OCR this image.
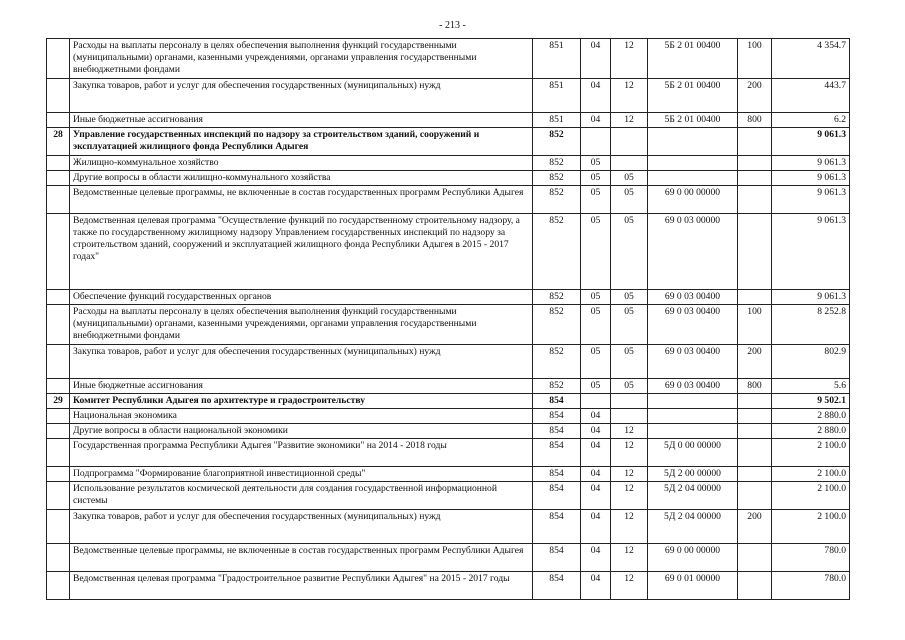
- 213 -
	Расходы на выплаты персоналу в целях обеспечения выполнения функций государственными (муниципальными) органами, казенными учреждениями, органами управления государственными внебюджетными фондами	851	04	12	5Б 2 01 00400	100	4 354.7
	Закупка товаров, работ и услуг для обеспечения государственных (муниципальных) нужд	851	04	12	5Б 2 01 00400	200	443.7
	Иные бюджетные ассигнования	851	04	12	5Б 2 01 00400	800	6.2
28	Управление государственных инспекций по надзору за строительством зданий, сооружений и эксплуатацией жилищного фонда Республики Адыгея	852					9 061.3
	Жилищно-коммунальное хозяйство	852	05				9 061.3
	Другие вопросы в области жилищно-коммунального хозяйства	852	05	05			9 061.3
	Ведомственные целевые программы, не включенные в состав государственных программ Республики Адыгея	852	05	05	69 0 00 00000		9 061.3
	Ведомственная целевая программа "Осуществление функций по государственному строительному надзору, а также по государственному жилищному надзору Управлением государственных инспекций по надзору за строительством зданий, сооружений и эксплуатацией жилищного фонда Республики Адыгея в 2015 - 2017 годах"	852	05	05	69 0 03 00000		9 061.3
	Обеспечение функций государственных органов	852	05	05	69 0 03 00400		9 061.3
	Расходы на выплаты персоналу в целях обеспечения выполнения функций государственными (муниципальными) органами, казенными учреждениями, органами управления государственными внебюджетными фондами	852	05	05	69 0 03 00400	100	8 252.8
	Закупка товаров, работ и услуг для обеспечения государственных (муниципальных) нужд	852	05	05	69 0 03 00400	200	802.9
	Иные бюджетные ассигнования	852	05	05	69 0 03 00400	800	5.6
29	Комитет Республики Адыгея по архитектуре и градостроительству	854					9 502.1
	Национальная экономика	854	04				2 880.0
	Другие вопросы в области национальной экономики	854	04	12			2 880.0
	Государственная программа Республики Адыгея "Развитие экономики" на 2014 - 2018 годы	854	04	12	5Д 0 00 00000		2 100.0
	Подпрограмма "Формирование благоприятной инвестиционной среды"	854	04	12	5Д 2 00 00000		2 100.0
	Использование результатов космической деятельности для создания государственной информационной системы	854	04	12	5Д 2 04 00000		2 100.0
	Закупка товаров, работ и услуг для обеспечения государственных (муниципальных) нужд	854	04	12	5Д 2 04 00000	200	2 100.0
	Ведомственные целевые программы, не включенные в состав государственных программ Республики Адыгея	854	04	12	69 0 00 00000		780.0
	Ведомственная целевая программа "Градостроительное развитие Республики Адыгея" на 2015 - 2017 годы	854	04	12	69 0 01 00000		780.0
